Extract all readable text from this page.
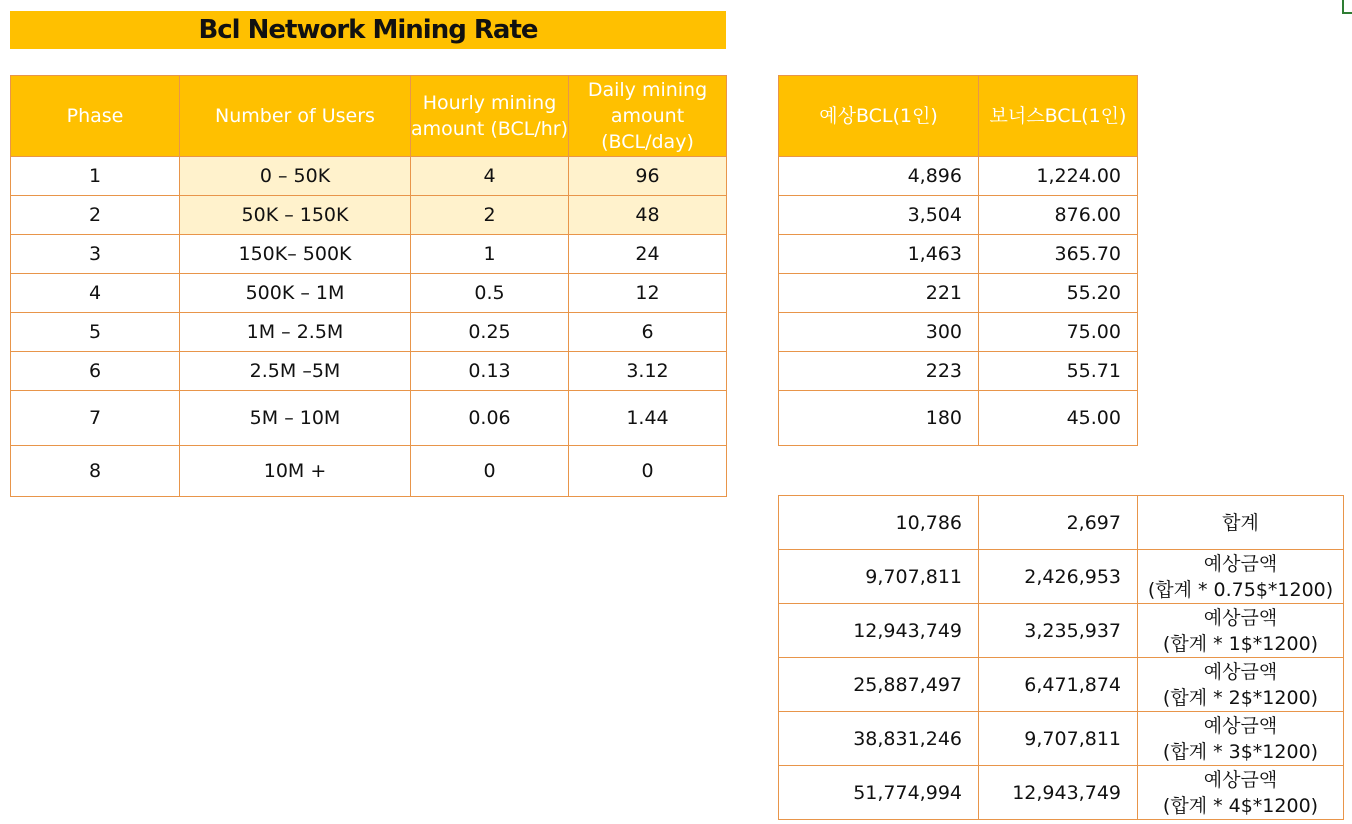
Bcl Network Mining Rate
Phase	Number of Users	Hourly mining amount (BCL/hr)	Daily mining amount (BCL/day)
1	0 – 50K	4	96
2	50K – 150K	2	48
3	150K– 500K	1	24
4	500K – 1M	0.5	12
5	1M – 2.5M	0.25	6
6	2.5M –5M	0.13	3.12
7	5M – 10M	0.06	1.44
8	10M +	0	0
예상BCL(1인)	보너스BCL(1인)
4,896	1,224.00
3,504	876.00
1,463	365.70
221	55.20
300	75.00
223	55.71
180	45.00
10,786	2,697	합계

9,707,811	2,426,953	예상금액
(합계 * 0.75$*1200)

12,943,749	3,235,937	예상금액
(합계 * 1$*1200)

25,887,497	6,471,874	예상금액
(합계 * 2$*1200)

38,831,246	9,707,811	예상금액
(합계 * 3$*1200)

51,774,994	12,943,749	예상금액
(합계 * 4$*1200)
